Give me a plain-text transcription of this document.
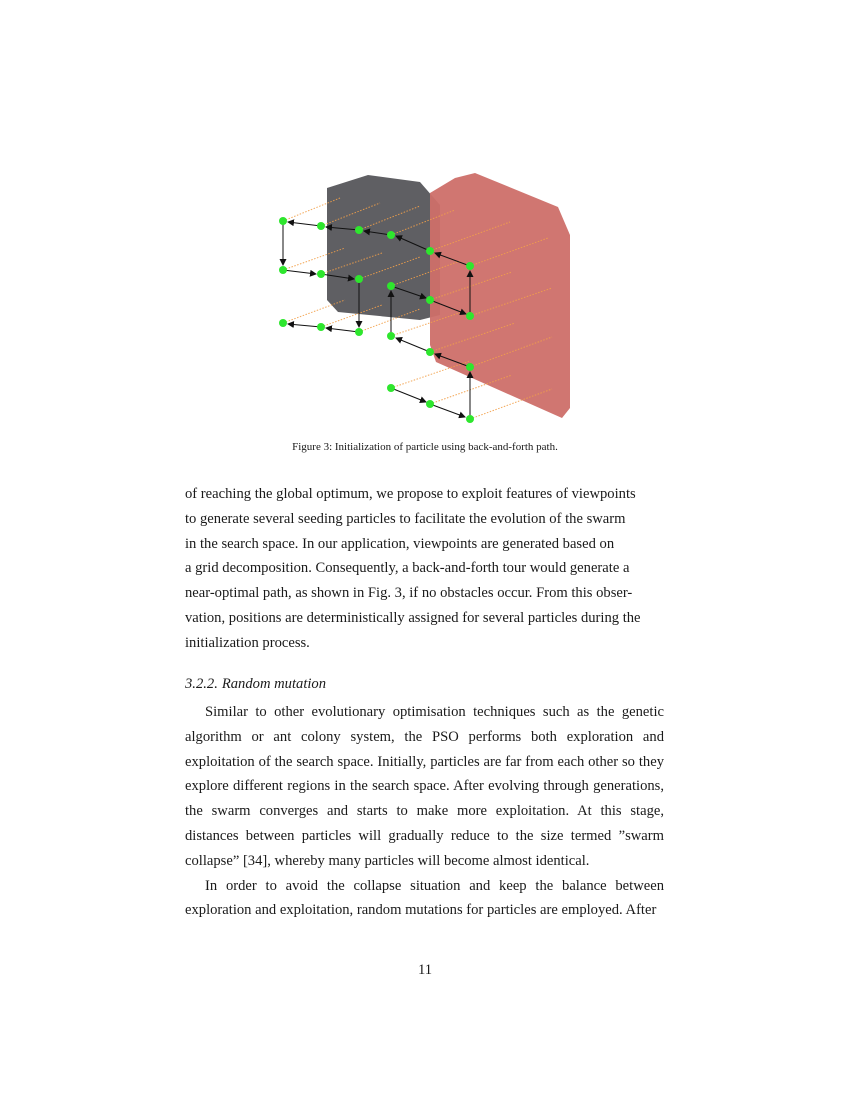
Figure 3: Initialization of particle using back-and-forth path.

of reaching the global optimum, we propose to exploit features of viewpoints

to generate several seeding particles to facilitate the evolution of the swarm

in the search space. In our application, viewpoints are generated based on

a grid decomposition. Consequently, a back-and-forth tour would generate a

near-optimal path, as shown in Fig. 3, if no obstacles occur. From this obser-

vation, positions are deterministically assigned for several particles during the

initialization process.

3.2.2. Random mutation

Similar to other evolutionary optimisation techniques such as the genetic algorithm or ant colony system, the PSO performs both exploration and exploitation of the search space. Initially, particles are far from each other so they explore different regions in the search space. After evolving through generations, the swarm converges and starts to make more exploitation. At this stage, distances between particles will gradually reduce to the size termed ”swarm collapse” [34], whereby many particles will become almost identical.

In order to avoid the collapse situation and keep the balance between exploration and exploitation, random mutations for particles are employed. After

11
